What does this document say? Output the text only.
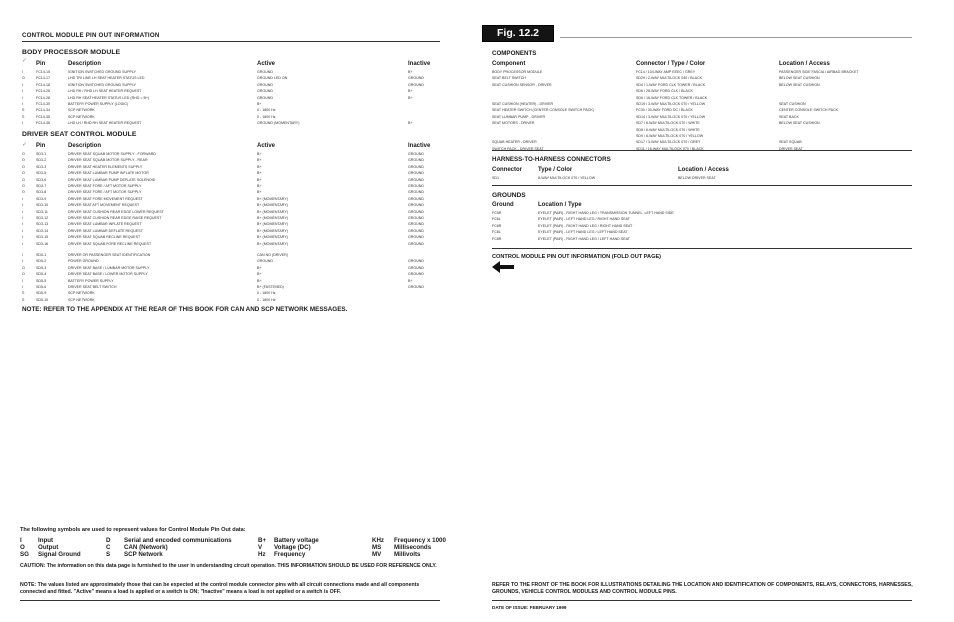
CONTROL MODULE PIN OUT INFORMATION
BODY PROCESSOR MODULE
✓ Pin	Description	Active	Inactive
I	FC14-15	IGNITION SWITCHED GROUND SUPPLY	GROUND	B+
O	FC14-17	LHD TRI LINE LH SEAT HEATER STATUS LED	GROUND LED ON	GROUND
I	FC14-18	IGNITION SWITCHED GROUND SUPPLY	GROUND	GROUND
I	FC14-26	LHD RH / RHD LH SEAT HEATER REQUEST	GROUND	B+
I	FC14-28	LHD RH SEAT HEATER STATUS LED (RHD = B+)	GROUND	B+
I	FC14-30	BATTERY POWER SUPPLY (LOGIC)	B+	
S	FC14-34	SCP NETWORK	0 - 1800 Hz	
S	FC14-35	SCP NETWORK	0 - 1800 Hz	
I	FC14-36	LHD LH / RHD RH SEAT HEATER REQUEST	GROUND (MOMENTARY)	B+
DRIVER SEAT CONTROL MODULE
✓ Pin	Description	Active	Inactive
O	SD3-1	DRIVER SEAT SQUAB MOTOR SUPPLY - FORWARD	B+	GROUND
O	SD3-2	DRIVER SEAT SQUAB MOTOR SUPPLY - REAR	B+	GROUND
O	SD3-3	DRIVER SEAT HEATER ELEMENTS SUPPLY	B+	GROUND
O	SD3-5	DRIVER SEAT LUMBAR PUMP INFLATE MOTOR	B+	GROUND
O	SD3-6	DRIVER SEAT LUMBAR PUMP DEFLATE SOLENOID	B+	GROUND
O	SD3-7	DRIVER SEAT FORE / AFT MOTOR SUPPLY	B+	GROUND
O	SD3-8	DRIVER SEAT FORE / AFT MOTOR SUPPLY	B+	GROUND
I	SD3-9	DRIVER SEAT FORE MOVEMENT REQUEST	B+ (MOMENTARY)	GROUND
I	SD3-10	DRIVER SEAT AFT MOVEMENT REQUEST	B+ (MOMENTARY)	GROUND
I	SD3-11	DRIVER SEAT CUSHION REAR EDGE LOWER REQUEST	B+ (MOMENTARY)	GROUND
I	SD3-12	DRIVER SEAT CUSHION REAR EDGE RAISE REQUEST	B+ (MOMENTARY)	GROUND
I	SD3-13	DRIVER SEAT LUMBAR INFLATE REQUEST	B+ (MOMENTARY)	GROUND
I	SD3-14	DRIVER SEAT LUMBAR DEFLATE REQUEST	B+ (MOMENTARY)	GROUND
I	SD3-15	DRIVER SEAT SQUAB RECLINE REQUEST	B+ (MOMENTARY)	GROUND
I	SD3-16	DRIVER SEAT SQUAB FORE RECLINE REQUEST	B+ (MOMENTARY)	GROUND
I	SD5-1	DRIVER OR PASSENGER SEAT IDENTIFICATION	CAN NO (DRIVER)	
I	SD5-2	POWER GROUND	GROUND	GROUND
O	SD5-3	DRIVER SEAT BASE / LUMBAR MOTOR SUPPLY	B+	GROUND
O	SD5-4	DRIVER SEAT BASE / LOWER MOTOR SUPPLY	B+	GROUND
I	SD5-5	BATTERY POWER SUPPLY	B+	B+
I	SD5-6	DRIVER SEAT BELT SWITCH	B+ (FASTENED)	GROUND
S	SD5-9	SCP NETWORK	0 - 1800 Hz	
S	SD5-10	SCP NETWORK	0 - 1800 Hz	
NOTE: REFER TO THE APPENDIX AT THE REAR OF THIS BOOK FOR CAN AND SCP NETWORK MESSAGES.
The following symbols are used to represent values for Control Module Pin Out data:
I	Input	D	Serial and encoded communications	B+	Battery voltage	KHz	Frequency x 1000
O	Output	C	CAN (Network)	V	Voltage (DC)	MS	Milliseconds
SG	Signal Ground	S	SCP Network	Hz	Frequency	MV	Millivolts
CAUTION: The information on this data page is furnished to the user in understanding circuit operation. THIS INFORMATION SHOULD BE USED FOR REFERENCE ONLY.
NOTE: The values listed are approximately those that can be expected at the control module connector pins with all circuit connections made and all components connected and fitted. "Active" means a load is applied or a switch is ON; "Inactive" means a load is not applied or a switch is OFF.
Fig. 12.2
COMPONENTS
Component	Connector / Type / Color	Location / Access
BODY PROCESSOR MODULE	FC14 / 104-WAY AMP EEEC / GREY	PASSENGER SIDE FASCIA / AIRBAG BRACKET
SEAT BELT SWITCH	SD29 / 2-WAY MULTILOCK 040 / BLACK	BELOW SEAT CUSHION
SEAT CUSHION SENSOR - DRIVER	SD4 / 1-WAY FORD CLK TOWER / BLACK	BELOW SEAT CUSHION
	SD6 / 26-WAY FORD CLK / BLACK	
	SD6 / 16-WAY FORD CLK TOWER / BLACK	
SEAT CUSHION (HEATER) - DRIVER	SD19 / 3-WAY MULTILOCK 070 / YELLOW	SEAT CUSHION
SEAT HEATER SWITCH (CENTER CONSOLE SWITCH PACK)	FC30 / 30-WAY FORD DC / BLACK	CENTER CONSOLE SWITCH PACK
SEAT LUMBAR PUMP - DRIVER	SD14 / 3-WAY MULTILOCK 070 / YELLOW	SEAT BACK
SEAT MOTORS - DRIVER	SD7 / 6-WAY MULTILOCK 070 / WHITE	BELOW SEAT CUSHION
	SD8 / 6-WAY MULTILOCK 070 / WHITE	
	SD9 / 6-WAY MULTILOCK 070 / YELLOW	
SQUAB HEATER - DRIVER	SD17 / 3-WAY MULTILOCK 070 / GREY	SEAT SQUAB
SWITCH PACK - DRIVER SEAT	SD11 / 16-WAY MULTILOCK 070 / BLACK	DRIVER SEAT
HARNESS-TO-HARNESS CONNECTORS
Connector	Type / Color	Location / Access
SD1	8-WAY MULTILOCK 070 / YELLOW	BELOW DRIVER SEAT
GROUNDS
Ground	Location / Type
FC5R	EYELET (PAIR) - RIGHT HAND LEG / TRANSMISSION TUNNEL, LEFT HAND SIDE
FC6L	EYELET (PAIR) - LEFT HAND LEG / RIGHT HAND SEAT
FC6R	EYELET (PAIR) - RIGHT HAND LEG / RIGHT HAND SEAT
FC8L	EYELET (PAIR) - LEFT HAND LEG / LEFT HAND SEAT
FC8R	EYELET (PAIR) - RIGHT HAND LEG / LEFT HAND SEAT
CONTROL MODULE PIN OUT INFORMATION (FOLD OUT PAGE)
REFER TO THE FRONT OF THE BOOK FOR ILLUSTRATIONS DETAILING THE LOCATION AND IDENTIFICATION OF COMPONENTS, RELAYS, CONNECTORS, HARNESSES, GROUNDS, VEHICLE CONTROL MODULES AND CONTROL MODULE PINS.
DATE OF ISSUE: FEBRUARY 1999
